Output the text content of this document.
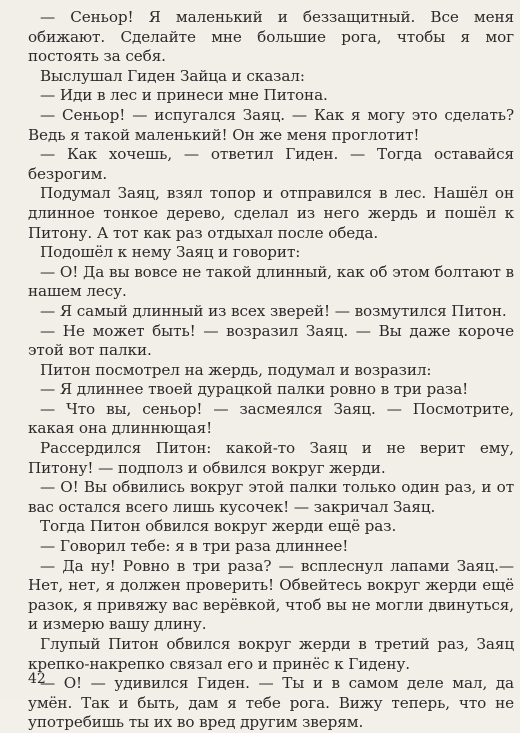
— Сеньор! Я маленький и беззащитный. Все меня обижают. Сделайте мне большие рога, чтобы я мог постоять за себя.

Выслушал Гиден Зайца и сказал:

— Иди в лес и принеси мне Питона.

— Сеньор! — испугался Заяц. — Как я могу это сделать? Ведь я такой маленький! Он же меня проглотит!

— Как хочешь, — ответил Гиден. — Тогда оставайся безрогим.

Подумал Заяц, взял топор и отправился в лес. Нашёл он длинное тонкое дерево, сделал из него жердь и пошёл к Питону. А тот как раз отдыхал после обеда.

Подошёл к нему Заяц и говорит:

— О! Да вы вовсе не такой длинный, как об этом болтают в нашем лесу.

— Я самый длинный из всех зверей! — возмутился Питон.

— Не может быть! — возразил Заяц. — Вы даже короче этой вот палки.

Питон посмотрел на жердь, подумал и возразил:

— Я длиннее твоей дурацкой палки ровно в три раза!

— Что вы, сеньор! — засмеялся Заяц. — Посмотрите, какая она длиннющая!

Рассердился Питон: какой-то Заяц и не верит ему, Питону! — подполз и обвился вокруг жерди.

— О! Вы обвились вокруг этой палки только один раз, и от вас остался всего лишь кусочек! — закричал Заяц.

Тогда Питон обвился вокруг жерди ещё раз.

— Говорил тебе: я в три раза длиннее!

— Да ну! Ровно в три раза? — всплеснул лапами Заяц.— Нет, нет, я должен проверить! Обвейтесь вокруг жерди ещё разок, я привяжу вас верёвкой, чтоб вы не могли двинуться, и измерю вашу длину.

Глупый Питон обвился вокруг жерди в третий раз, Заяц крепко-накрепко связал его и принёс к Гидену.

— О! — удивился Гиден. — Ты и в самом деле мал, да умён. Так и быть, дам я тебе рога. Вижу теперь, что не употребишь ты их во вред другим зверям.

42
